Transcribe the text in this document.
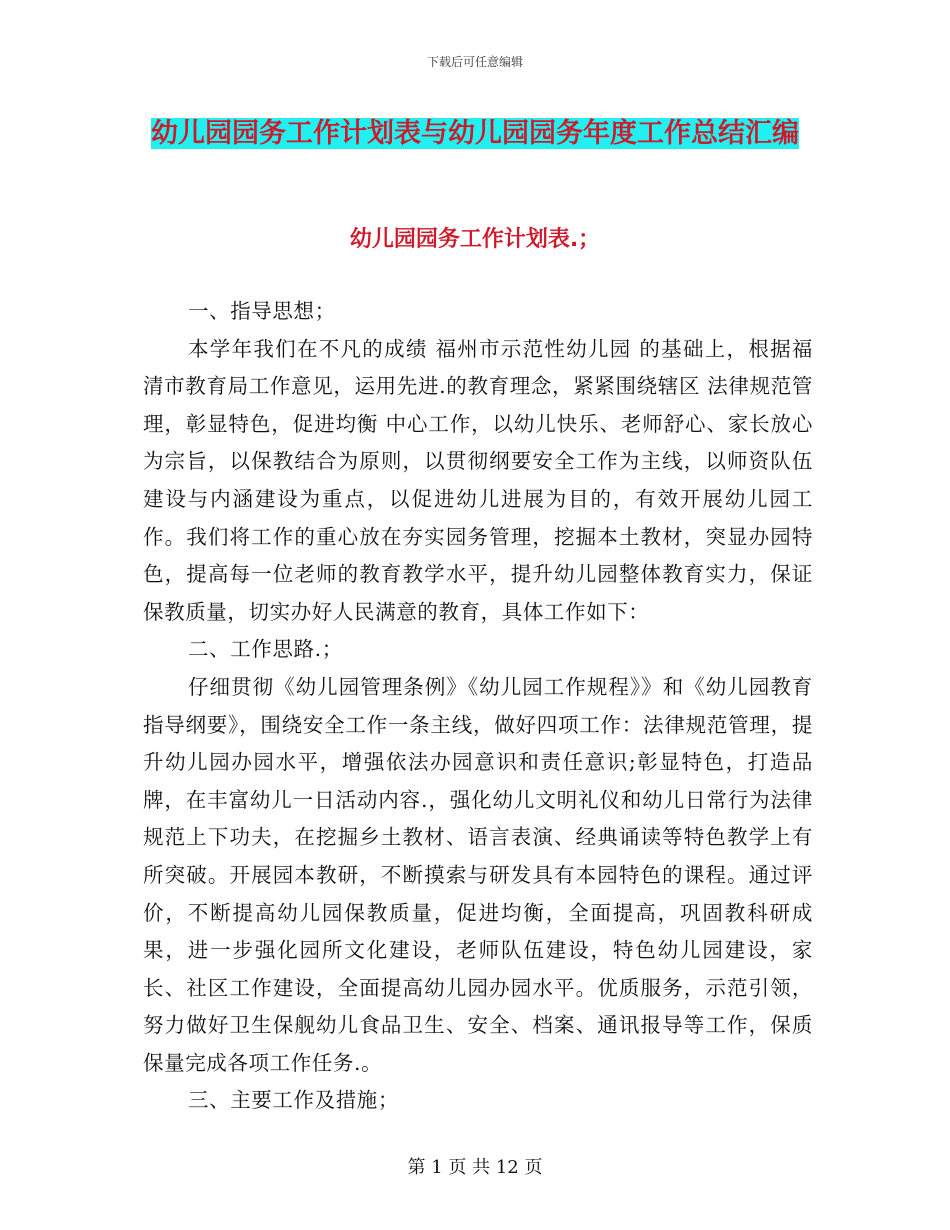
下载后可任意编辑
幼儿园园务工作计划表与幼儿园园务年度工作总结汇编
幼儿园园务工作计划表.；

一、指导思想；

本学年我们在不凡的成绩 福州市示范性幼儿园 的基础上，根据福清市教育局工作意见，运用先进.的教育理念，紧紧围绕辖区 法律规范管理，彰显特色，促进均衡 中心工作，以幼儿快乐、老师舒心、家长放心为宗旨，以保教结合为原则，以贯彻纲要安全工作为主线，以师资队伍建设与内涵建设为重点，以促进幼儿进展为目的，有效开展幼儿园工作。我们将工作的重心放在夯实园务管理，挖掘本土教材，突显办园特色，提高每一位老师的教育教学水平，提升幼儿园整体教育实力，保证保教质量，切实办好人民满意的教育，具体工作如下：

二、工作思路.；

仔细贯彻《幼儿园管理条例》《幼儿园工作规程》》和《幼儿园教育指导纲要》，围绕安全工作一条主线，做好四项工作：法律规范管理，提升幼儿园办园水平，增强依法办园意识和责任意识;彰显特色，打造品牌，在丰富幼儿一日活动内容.，强化幼儿文明礼仪和幼儿日常行为法律规范上下功夫，在挖掘乡土教材、语言表演、经典诵读等特色教学上有所突破。开展园本教研，不断摸索与研发具有本园特色的课程。通过评价，不断提高幼儿园保教质量，促进均衡，全面提高，巩固教科研成果，进一步强化园所文化建设，老师队伍建设，特色幼儿园建设，家长、社区工作建设，全面提高幼儿园办园水平。优质服务，示范引领，努力做好卫生保舰幼儿食品卫生、安全、档案、通讯报导等工作，保质保量完成各项工作任务.。

三、主要工作及措施；

第 1 页 共 12 页
